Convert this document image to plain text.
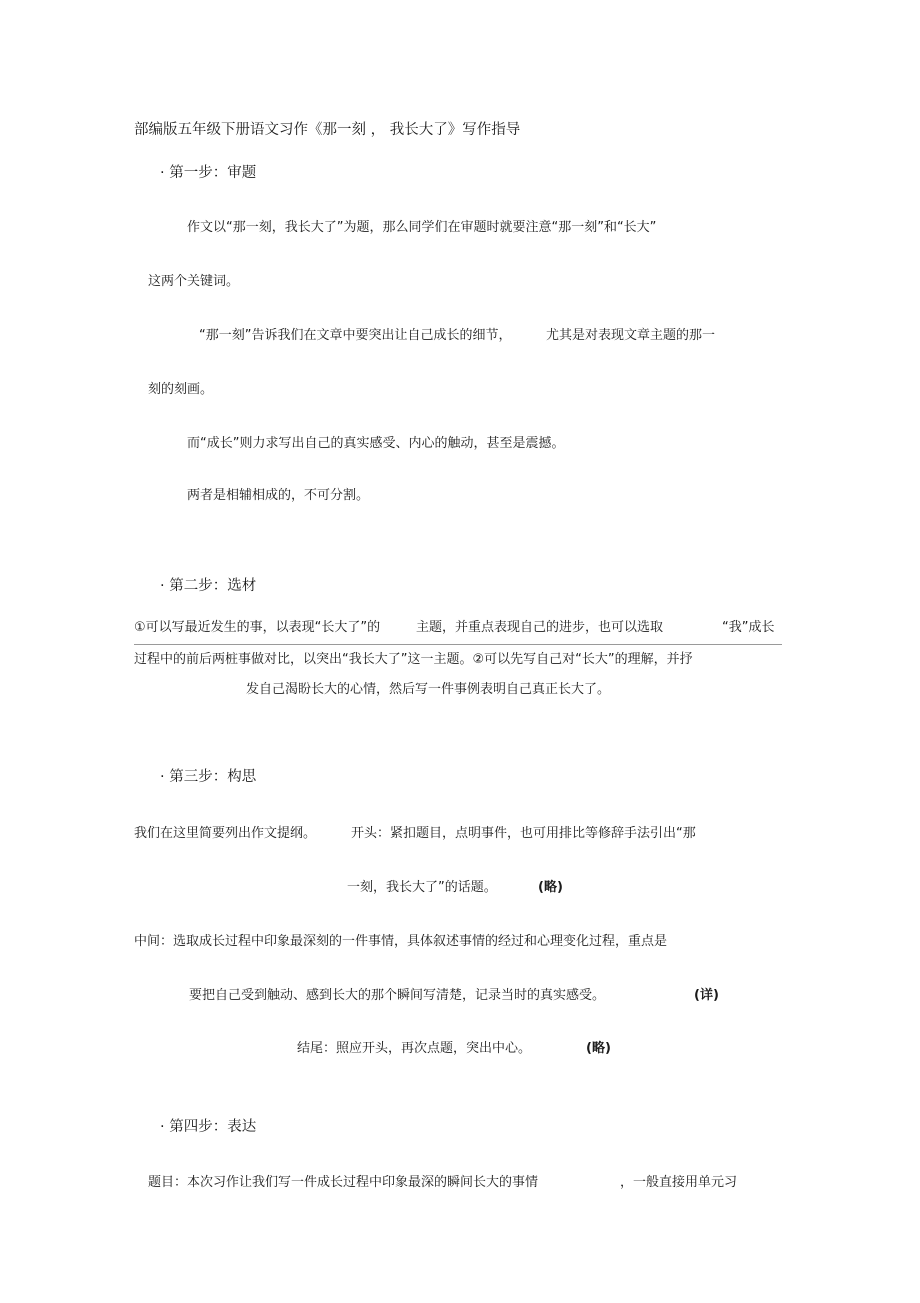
部编版五年级下册语文习作《那一刻 ， 我长大了》写作指导
· 第一步：审题
作文以“那一刻，我长大了”为题，那么同学们在审题时就要注意“那一刻”和“长大”
这两个关键词。
“那一刻”告诉我们在文章中要突出让自己成长的细节，	尤其是对表现文章主题的那一
刻的刻画。
而“成长”则力求写出自己的真实感受、内心的触动，甚至是震撼。
两者是相辅相成的，不可分割。
· 第二步：选材
①可以写最近发生的事，以表现“长大了”的	主题，并重点表现自己的进步，也可以选取	“我”成长
过程中的前后两桩事做对比，以突出“我长大了”这一主题。②可以先写自己对“长大”的理解，并抒
发自己渴盼长大的心情，然后写一件事例表明自己真正长大了。
· 第三步：构思
我们在这里简要列出作文提纲。	开头：紧扣题目，点明事件，也可用排比等修辞手法引出“那
一刻，我长大了”的话题。	(略)
中间：选取成长过程中印象最深刻的一件事情，具体叙述事情的经过和心理变化过程，重点是
要把自己受到触动、感到长大的那个瞬间写清楚，记录当时的真实感受。	(详)
结尾：照应开头，再次点题，突出中心。	(略)
· 第四步：表达
题目：本次习作让我们写一件成长过程中印象最深的瞬间长大的事情	，一般直接用单元习
